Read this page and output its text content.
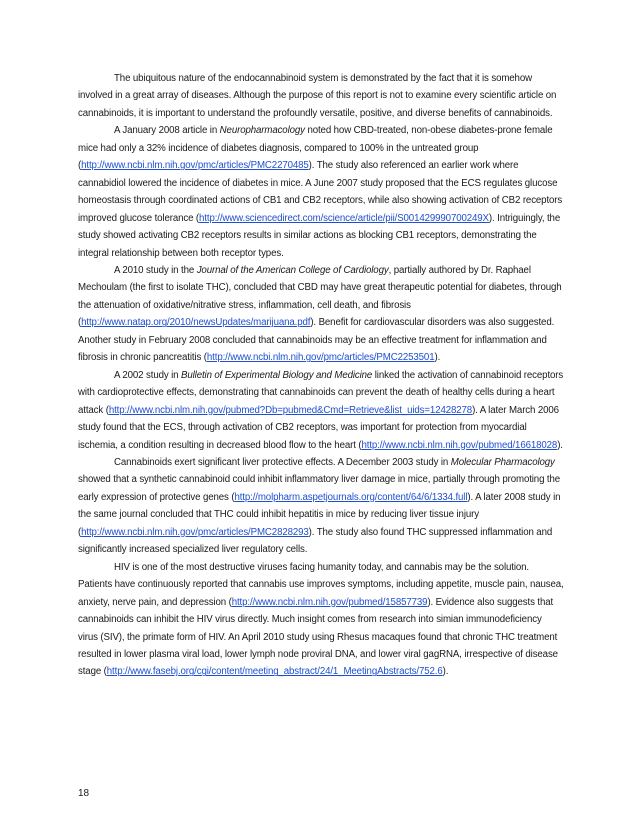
The ubiquitous nature of the endocannabinoid system is demonstrated by the fact that it is somehow involved in a great array of diseases. Although the purpose of this report is not to examine every scientific article on cannabinoids, it is important to understand the profoundly versatile, positive, and diverse benefits of cannabinoids.

A January 2008 article in Neuropharmacology noted how CBD-treated, non-obese diabetes-prone female mice had only a 32% incidence of diabetes diagnosis, compared to 100% in the untreated group (http://www.ncbi.nlm.nih.gov/pmc/articles/PMC2270485). The study also referenced an earlier work where cannabidiol lowered the incidence of diabetes in mice. A June 2007 study proposed that the ECS regulates glucose homeostasis through coordinated actions of CB1 and CB2 receptors, while also showing activation of CB2 receptors improved glucose tolerance (http://www.sciencedirect.com/science/article/pii/S001429990700249X). Intriguingly, the study showed activating CB2 receptors results in similar actions as blocking CB1 receptors, demonstrating the integral relationship between both receptor types.

A 2010 study in the Journal of the American College of Cardiology, partially authored by Dr. Raphael Mechoulam (the first to isolate THC), concluded that CBD may have great therapeutic potential for diabetes, through the attenuation of oxidative/nitrative stress, inflammation, cell death, and fibrosis (http://www.natap.org/2010/newsUpdates/marijuana.pdf). Benefit for cardiovascular disorders was also suggested. Another study in February 2008 concluded that cannabinoids may be an effective treatment for inflammation and fibrosis in chronic pancreatitis (http://www.ncbi.nlm.nih.gov/pmc/articles/PMC2253501).

A 2002 study in Bulletin of Experimental Biology and Medicine linked the activation of cannabinoid receptors with cardioprotective effects, demonstrating that cannabinoids can prevent the death of healthy cells during a heart attack (http://www.ncbi.nlm.nih.gov/pubmed?Db=pubmed&Cmd=Retrieve&list_uids=12428278). A later March 2006 study found that the ECS, through activation of CB2 receptors, was important for protection from myocardial ischemia, a condition resulting in decreased blood flow to the heart (http://www.ncbi.nlm.nih.gov/pubmed/16618028).

Cannabinoids exert significant liver protective effects. A December 2003 study in Molecular Pharmacology showed that a synthetic cannabinoid could inhibit inflammatory liver damage in mice, partially through promoting the early expression of protective genes (http://molpharm.aspetjournals.org/content/64/6/1334.full). A later 2008 study in the same journal concluded that THC could inhibit hepatitis in mice by reducing liver tissue injury (http://www.ncbi.nlm.nih.gov/pmc/articles/PMC2828293). The study also found THC suppressed inflammation and significantly increased specialized liver regulatory cells.

HIV is one of the most destructive viruses facing humanity today, and cannabis may be the solution. Patients have continuously reported that cannabis use improves symptoms, including appetite, muscle pain, nausea, anxiety, nerve pain, and depression (http://www.ncbi.nlm.nih.gov/pubmed/15857739). Evidence also suggests that cannabinoids can inhibit the HIV virus directly. Much insight comes from research into simian immunodeficiency virus (SIV), the primate form of HIV. An April 2010 study using Rhesus macaques found that chronic THC treatment resulted in lower plasma viral load, lower lymph node proviral DNA, and lower viral gagRNA, irrespective of disease stage (http://www.fasebj.org/cgi/content/meeting_abstract/24/1_MeetingAbstracts/752.6).

18
